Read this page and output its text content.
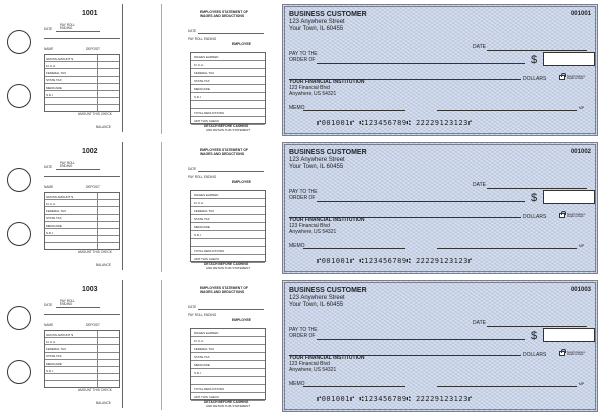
1001
DATE
PAY ROLL ENDING
NAME	DEPOSIT
GROSS AMOUNT $
F.I.C.A.
FEDERAL TAX
STATE TAX
MEDICARE
S.D.I.
AMOUNT THIS CHECK
BALANCE
EMPLOYEES STATEMENT OF WAGES AND DEDUCTIONS
DATE
PAY ROLL ENDING
EMPLOYEE
WAGES EARNED
F.I.C.A.
FEDERAL TAX
STATE TAX
MEDICARE
S.D.I.
TOTAL DEDUCTIONS
AMT THIS CHECK
DETACH BEFORE CASHING
AND RETAIN THIS STATEMENT
BUSINESS CUSTOMER
123 Anywhere Street
Your Town, IL 60455
001001
DATE
PAY TO THE
ORDER OF	$
DOLLARS	Security features. Details on back.
YOUR FINANCIAL INSTITUTION
123 Financial Blvd
Anywhere, US 54321
MEMO	MP
⑈001001⑈ ⑆123456789⑆ 22229123123⑈
1002
DATE
PAY ROLL ENDING
NAME	DEPOSIT
GROSS AMOUNT $
F.I.C.A.
FEDERAL TAX
STATE TAX
MEDICARE
S.D.I.
AMOUNT THIS CHECK
BALANCE
EMPLOYEES STATEMENT OF WAGES AND DEDUCTIONS
DATE
PAY ROLL ENDING
EMPLOYEE
WAGES EARNED
F.I.C.A.
FEDERAL TAX
STATE TAX
MEDICARE
S.D.I.
TOTAL DEDUCTIONS
AMT THIS CHECK
DETACH BEFORE CASHING
AND RETAIN THIS STATEMENT
BUSINESS CUSTOMER
123 Anywhere Street
Your Town, IL 60455
001002
DATE
PAY TO THE
ORDER OF	$
DOLLARS	Security features. Details on back.
YOUR FINANCIAL INSTITUTION
123 Financial Blvd
Anywhere, US 54321
MEMO	MP
⑈001001⑈ ⑆123456789⑆ 22229123123⑈
1003
DATE
PAY ROLL ENDING
NAME	DEPOSIT
GROSS AMOUNT $
F.I.C.A.
FEDERAL TAX
STATE TAX
MEDICARE
S.D.I.
AMOUNT THIS CHECK
BALANCE
EMPLOYEES STATEMENT OF WAGES AND DEDUCTIONS
DATE
PAY ROLL ENDING
EMPLOYEE
WAGES EARNED
F.I.C.A.
FEDERAL TAX
STATE TAX
MEDICARE
S.D.I.
TOTAL DEDUCTIONS
AMT THIS CHECK
DETACH BEFORE CASHING
AND RETAIN THIS STATEMENT
BUSINESS CUSTOMER
123 Anywhere Street
Your Town, IL 60455
001003
DATE
PAY TO THE
ORDER OF	$
DOLLARS	Security features. Details on back.
YOUR FINANCIAL INSTITUTION
123 Financial Blvd
Anywhere, US 54321
MEMO	MP
⑈001001⑈ ⑆123456789⑆ 22229123123⑈
